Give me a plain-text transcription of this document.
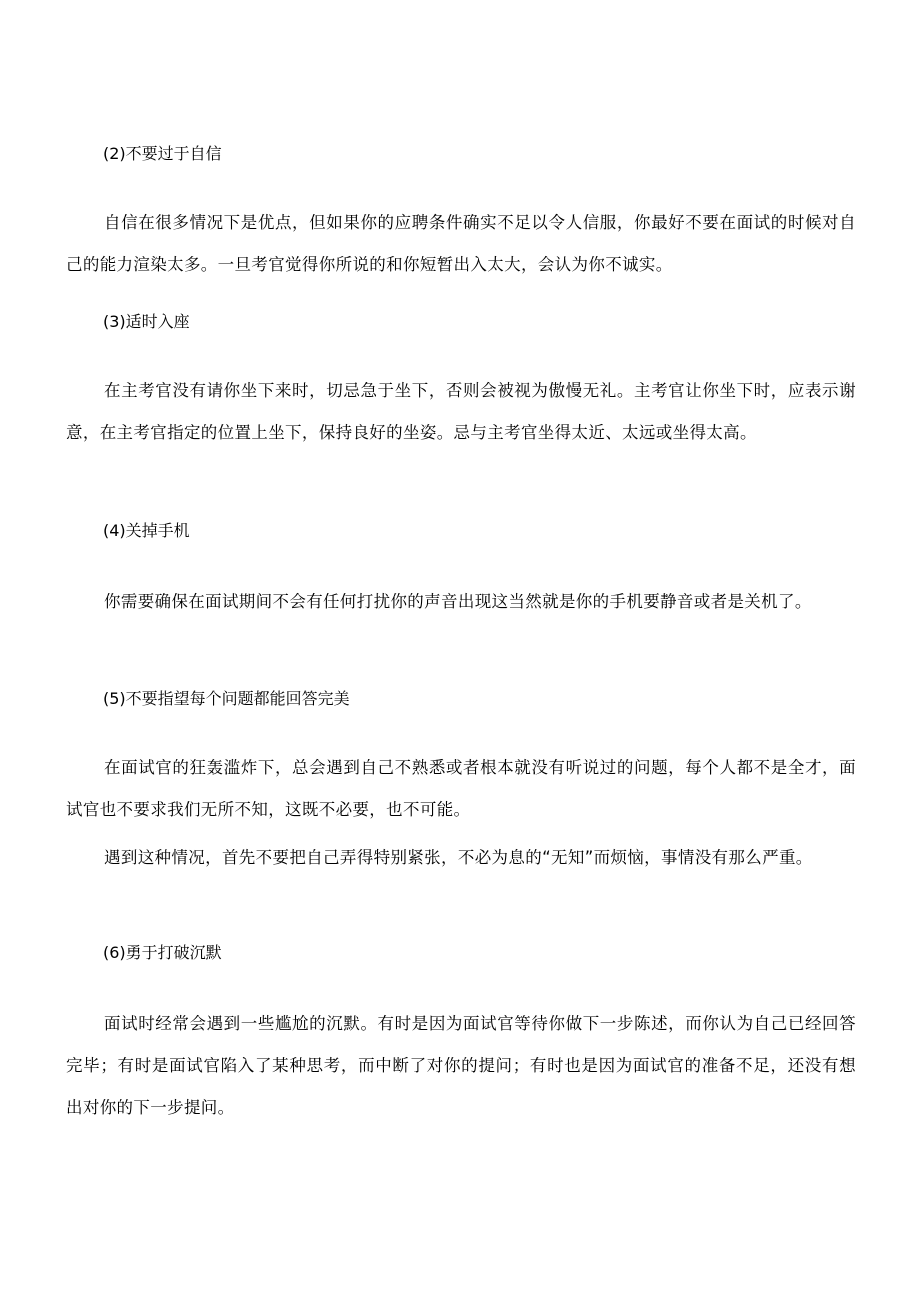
(2)不要过于自信

自信在很多情况下是优点，但如果你的应聘条件确实不足以令人信服，你最好不要在面试的时候对自己的能力渲染太多。一旦考官觉得你所说的和你短暂出入太大，会认为你不诚实。

(3)适时入座

在主考官没有请你坐下来时，切忌急于坐下，否则会被视为傲慢无礼。主考官让你坐下时，应表示谢意，在主考官指定的位置上坐下，保持良好的坐姿。忌与主考官坐得太近、太远或坐得太高。

(4)关掉手机

你需要确保在面试期间不会有任何打扰你的声音出现这当然就是你的手机要静音或者是关机了。

(5)不要指望每个问题都能回答完美

在面试官的狂轰滥炸下，总会遇到自己不熟悉或者根本就没有听说过的问题，每个人都不是全才，面试官也不要求我们无所不知，这既不必要，也不可能。

遇到这种情况，首先不要把自己弄得特别紧张，不必为息的“无知”而烦恼，事情没有那么严重。

(6)勇于打破沉默

面试时经常会遇到一些尴尬的沉默。有时是因为面试官等待你做下一步陈述，而你认为自己已经回答完毕；有时是面试官陷入了某种思考，而中断了对你的提问；有时也是因为面试官的准备不足，还没有想出对你的下一步提问。
